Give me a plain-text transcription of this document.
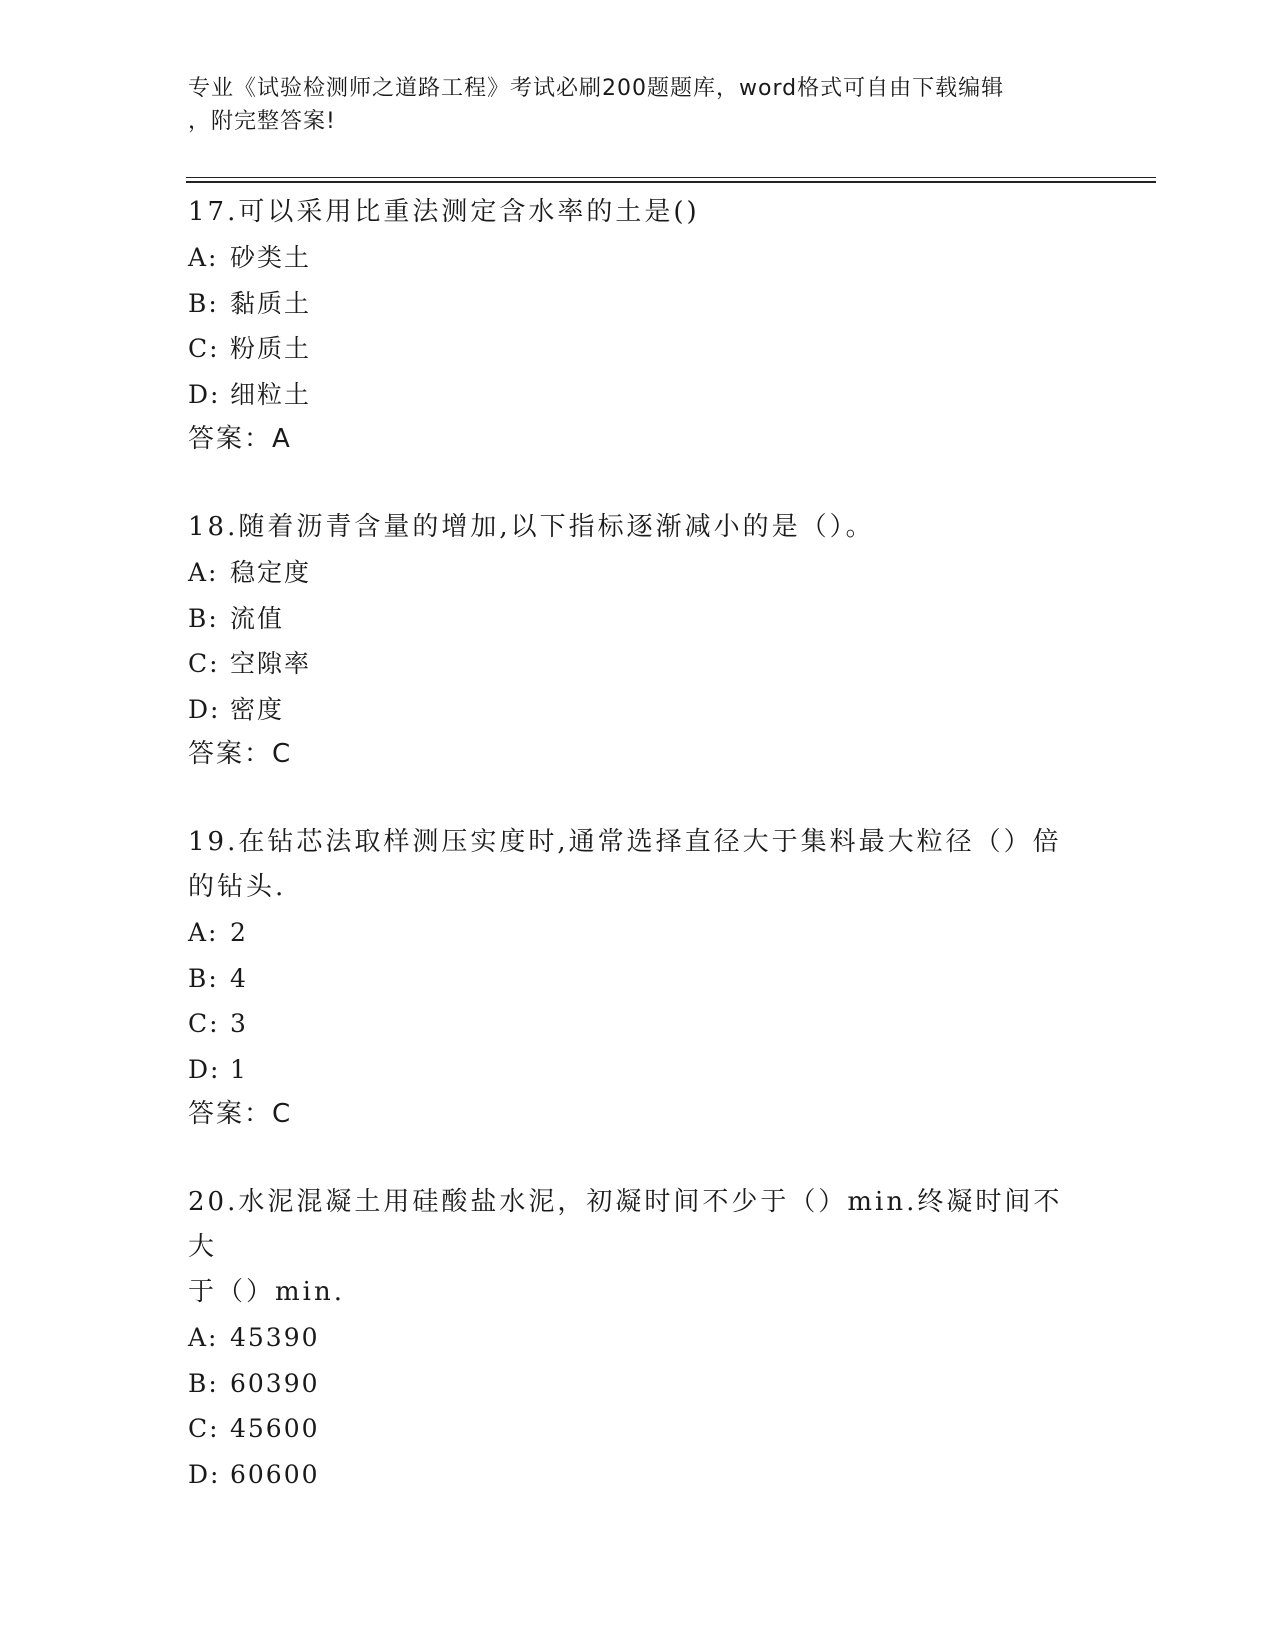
专业《试验检测师之道路工程》考试必刷200题题库，word格式可自由下载编辑
，附完整答案!
17.可以采用比重法测定含水率的土是()
A: 砂类土
B: 黏质土
C: 粉质土
D: 细粒土
答案：A
18.随着沥青含量的增加,以下指标逐渐减小的是（）。
A: 稳定度
B: 流值
C: 空隙率
D: 密度
答案：C
19.在钻芯法取样测压实度时,通常选择直径大于集料最大粒径（）倍
的钻头.
A: 2
B: 4
C: 3
D: 1
答案：C
20.水泥混凝土用硅酸盐水泥，初凝时间不少于（）min.终凝时间不大
于（）min.
A: 45390
B: 60390
C: 45600
D: 60600
